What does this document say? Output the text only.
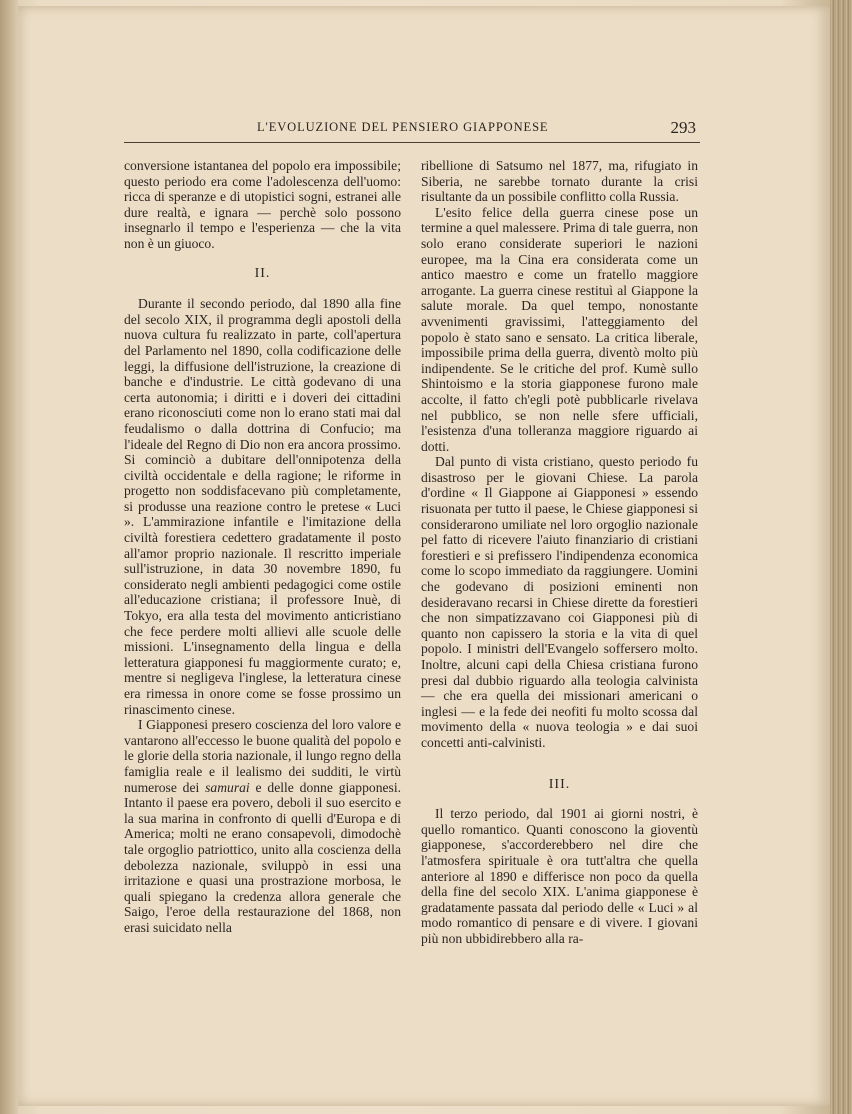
L'EVOLUZIONE DEL PENSIERO GIAPPONESE	293

conversione istantanea del popolo era impossibile; questo periodo era come l'adolescenza dell'uomo: ricca di speranze e di utopistici sogni, estranei alle dure realtà, e ignara — perchè solo possono insegnarlo il tempo e l'esperienza — che la vita non è un giuoco.

II.

Durante il secondo periodo, dal 1890 alla fine del secolo XIX, il programma degli apostoli della nuova cultura fu realizzato in parte, coll'apertura del Parlamento nel 1890, colla codificazione delle leggi, la diffusione dell'istruzione, la creazione di banche e d'industrie. Le città godevano di una certa autonomia; i diritti e i doveri dei cittadini erano riconosciuti come non lo erano stati mai dal feudalismo o dalla dottrina di Confucio; ma l'ideale del Regno di Dio non era ancora prossimo. Si cominciò a dubitare dell'onnipotenza della civiltà occidentale e della ragione; le riforme in progetto non soddisfacevano più completamente, si produsse una reazione contro le pretese « Luci ». L'ammirazione infantile e l'imitazione della civiltà forestiera cedettero gradatamente il posto all'amor proprio nazionale. Il rescritto imperiale sull'istruzione, in data 30 novembre 1890, fu considerato negli ambienti pedagogici come ostile all'educazione cristiana; il professore Inuè, di Tokyo, era alla testa del movimento anticristiano che fece perdere molti allievi alle scuole delle missioni. L'insegnamento della lingua e della letteratura giapponesi fu maggiormente curato; e, mentre si negligeva l'inglese, la letteratura cinese era rimessa in onore come se fosse prossimo un rinascimento cinese.

I Giapponesi presero coscienza del loro valore e vantarono all'eccesso le buone qualità del popolo e le glorie della storia nazionale, il lungo regno della famiglia reale e il lealismo dei sudditi, le virtù numerose dei samurai e delle donne giapponesi. Intanto il paese era povero, deboli il suo esercito e la sua marina in confronto di quelli d'Europa e di America; molti ne erano consapevoli, dimodochè tale orgoglio patriottico, unito alla coscienza della debolezza nazionale, sviluppò in essi una irritazione e quasi una prostrazione morbosa, le quali spiegano la credenza allora generale che Saigo, l'eroe della restaurazione del 1868, non erasi suicidato nella

ribellione di Satsumo nel 1877, ma, rifugiato in Siberia, ne sarebbe tornato durante la crisi risultante da un possibile conflitto colla Russia.

L'esito felice della guerra cinese pose un termine a quel malessere. Prima di tale guerra, non solo erano considerate superiori le nazioni europee, ma la Cina era considerata come un antico maestro e come un fratello maggiore arrogante. La guerra cinese restituì al Giappone la salute morale. Da quel tempo, nonostante avvenimenti gravissimi, l'atteggiamento del popolo è stato sano e sensato. La critica liberale, impossibile prima della guerra, diventò molto più indipendente. Se le critiche del prof. Kumè sullo Shintoismo e la storia giapponese furono male accolte, il fatto ch'egli potè pubblicarle rivelava nel pubblico, se non nelle sfere ufficiali, l'esistenza d'una tolleranza maggiore riguardo ai dotti.

Dal punto di vista cristiano, questo periodo fu disastroso per le giovani Chiese. La parola d'ordine « Il Giappone ai Giapponesi » essendo risuonata per tutto il paese, le Chiese giapponesi si considerarono umiliate nel loro orgoglio nazionale pel fatto di ricevere l'aiuto finanziario di cristiani forestieri e si prefissero l'indipendenza economica come lo scopo immediato da raggiungere. Uomini che godevano di posizioni eminenti non desideravano recarsi in Chiese dirette da forestieri che non simpatizzavano coi Giapponesi più di quanto non capissero la storia e la vita di quel popolo. I ministri dell'Evangelo soffersero molto. Inoltre, alcuni capi della Chiesa cristiana furono presi dal dubbio riguardo alla teologia calvinista — che era quella dei missionari americani o inglesi — e la fede dei neofiti fu molto scossa dal movimento della « nuova teologia » e dai suoi concetti anti-calvinisti.

III.

Il terzo periodo, dal 1901 ai giorni nostri, è quello romantico. Quanti conoscono la gioventù giapponese, s'accorderebbero nel dire che l'atmosfera spirituale è ora tutt'altra che quella anteriore al 1890 e differisce non poco da quella della fine del secolo XIX. L'anima giapponese è gradatamente passata dal periodo delle « Luci » al modo romantico di pensare e di vivere. I giovani più non ubbidirebbero alla ra-
